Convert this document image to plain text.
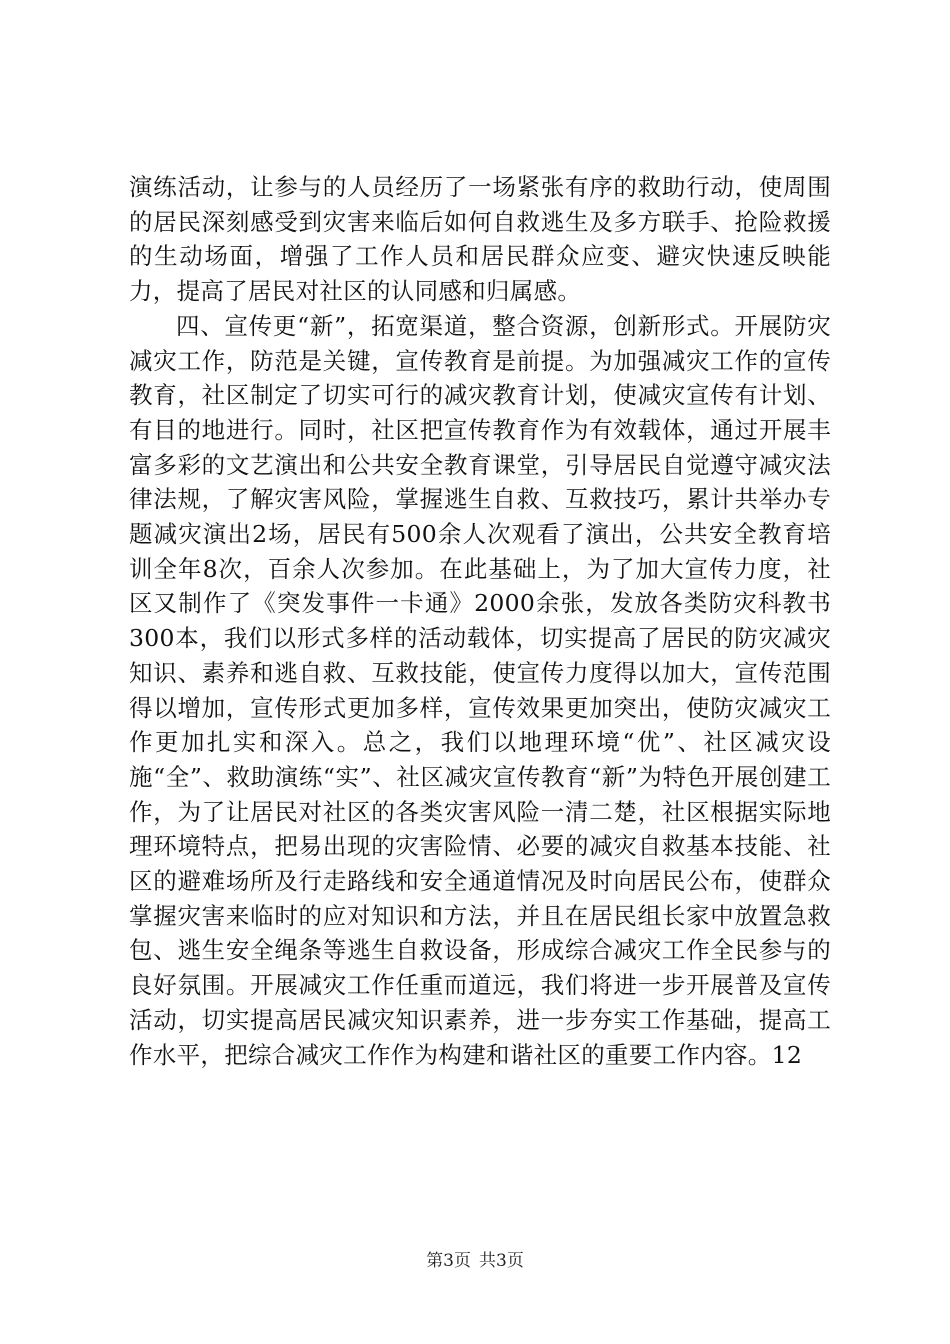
演练活动，让参与的人员经历了一场紧张有序的救助行动，使周围的居民深刻感受到灾害来临后如何自救逃生及多方联手、抢险救援的生动场面，增强了工作人员和居民群众应变、避灾快速反映能力，提高了居民对社区的认同感和归属感。

四、宣传更“新”，拓宽渠道，整合资源，创新形式。开展防灾减灾工作，防范是关键，宣传教育是前提。为加强减灾工作的宣传教育，社区制定了切实可行的减灾教育计划，使减灾宣传有计划、有目的地进行。同时，社区把宣传教育作为有效载体，通过开展丰富多彩的文艺演出和公共安全教育课堂，引导居民自觉遵守减灾法律法规，了解灾害风险，掌握逃生自救、互救技巧，累计共举办专题减灾演出2场，居民有500余人次观看了演出，公共安全教育培训全年8次，百余人次参加。在此基础上，为了加大宣传力度，社区又制作了《突发事件一卡通》2000余张，发放各类防灾科教书300本，我们以形式多样的活动载体，切实提高了居民的防灾减灾知识、素养和逃自救、互救技能，使宣传力度得以加大，宣传范围得以增加，宣传形式更加多样，宣传效果更加突出，使防灾减灾工作更加扎实和深入。总之，我们以地理环境“优”、社区减灾设施“全”、救助演练“实”、社区减灾宣传教育“新”为特色开展创建工作，为了让居民对社区的各类灾害风险一清二楚，社区根据实际地理环境特点，把易出现的灾害险情、必要的减灾自救基本技能、社区的避难场所及行走路线和安全通道情况及时向居民公布，使群众掌握灾害来临时的应对知识和方法，并且在居民组长家中放置急救包、逃生安全绳条等逃生自救设备，形成综合减灾工作全民参与的良好氛围。开展减灾工作任重而道远，我们将进一步开展普及宣传活动，切实提高居民减灾知识素养，进一步夯实工作基础，提高工作水平，把综合减灾工作作为构建和谐社区的重要工作内容。12

第3页 共3页
